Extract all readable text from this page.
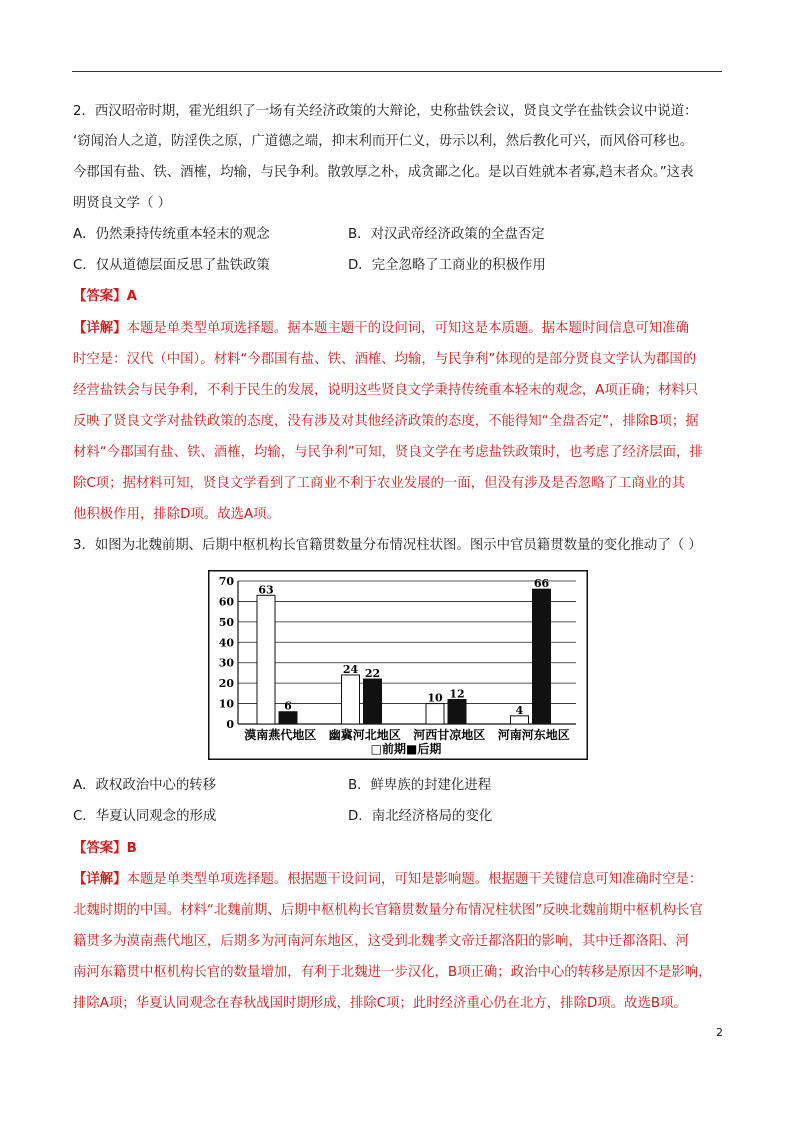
2．西汉昭帝时期，霍光组织了一场有关经济政策的大辩论，史称盐铁会议，贤良文学在盐铁会议中说道：
‘窃闻治人之道，防淫佚之原，广道德之端，抑末利而开仁义，毋示以利，然后教化可兴，而风俗可移也。
今郡国有盐、铁、酒榷，均输，与民争利。散敦厚之朴，成贪鄙之化。是以百姓就本者寡,趋末者众。”这表
明贤良文学（ ）
A．仍然秉持传统重本轻末的观念	B．对汉武帝经济政策的全盘否定
C．仅从道德层面反思了盐铁政策	D．完全忽略了工商业的积极作用
【答案】A
【详解】本题是单类型单项选择题。据本题主题干的设问词，可知这是本质题。据本题时间信息可知准确
时空是：汉代（中国）。材料“今郡国有盐、铁、酒榷、均输，与民争利”体现的是部分贤良文学认为郡国的
经营盐铁会与民争利，不利于民生的发展，说明这些贤良文学秉持传统重本轻末的观念，A项正确；材料只
反映了贤良文学对盐铁政策的态度，没有涉及对其他经济政策的态度，不能得知“全盘否定”，排除B项；据
材料“今郡国有盐、铁、酒榷，均输，与民争利”可知，贤良文学在考虑盐铁政策时，也考虑了经济层面，排
除C项；据材料可知，贤良文学看到了工商业不利于农业发展的一面，但没有涉及是否忽略了工商业的其
他积极作用，排除D项。故选A项。
3．如图为北魏前期、后期中枢机构长官籍贯数量分布情况柱状图。图示中官员籍贯数量的变化推动了（ ）
0
10
20
30
40
50
60
70
63
6
24 22
10 12
4
66
漠南燕代地区 幽冀河北地区 河西甘凉地区 河南河东地区
□前期■后期
A．政权政治中心的转移	B．鲜卑族的封建化进程
C．华夏认同观念的形成	D．南北经济格局的变化
【答案】B
【详解】本题是单类型单项选择题。根据题干设问词，可知是影响题。根据题干关键信息可知准确时空是：
北魏时期的中国。材料“北魏前期、后期中枢机构长官籍贯数量分布情况柱状图”反映北魏前期中枢机构长官
籍贯多为漠南燕代地区，后期多为河南河东地区，这受到北魏孝文帝迁都洛阳的影响，其中迁都洛阳、河
南河东籍贯中枢机构长官的数量增加，有利于北魏进一步汉化，B项正确；政治中心的转移是原因不是影响，
排除A项；华夏认同观念在春秋战国时期形成，排除C项；此时经济重心仍在北方，排除D项。故选B项。
2
